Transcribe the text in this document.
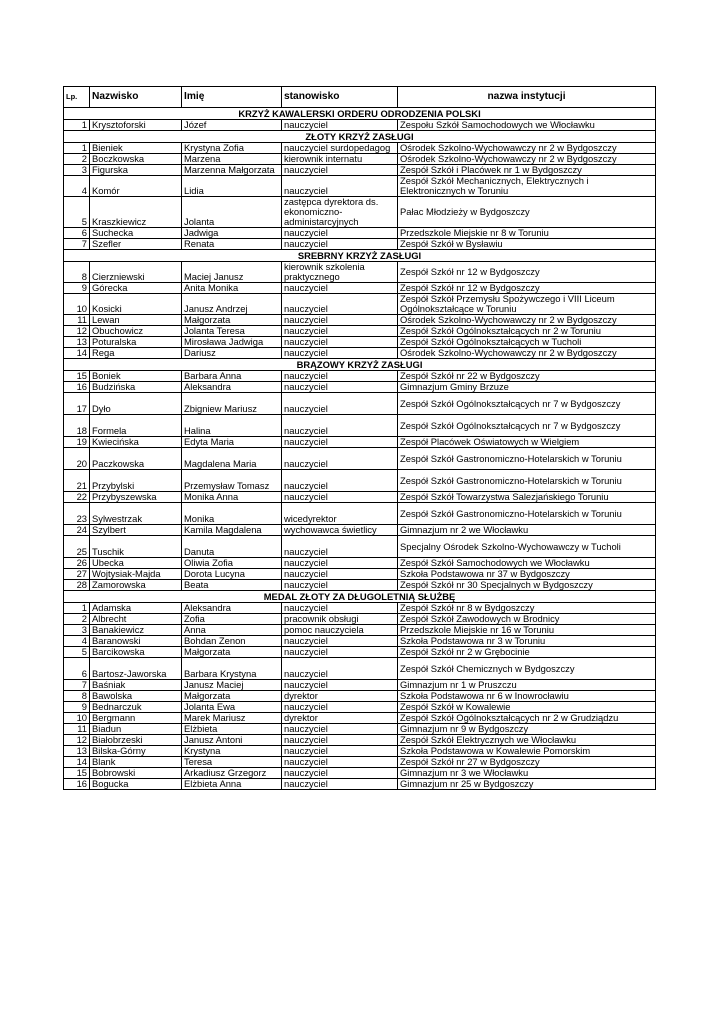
Lp.	Nazwisko	Imię	stanowisko	nazwa instytucji
KRZYŻ KAWALERSKI ORDERU ODRODZENIA POLSKI				
1	Krysztoforski	Józef	nauczyciel	Zespołu Szkół Samochodowych we Włocławku
ZŁOTY KRZYŻ ZASŁUGI				
1	Bieniek	Krystyna Zofia	nauczyciel surdopedagog	Ośrodek Szkolno-Wychowawczy nr 2 w Bydgoszczy
2	Boczkowska	Marzena	kierownik internatu	Ośrodek Szkolno-Wychowawczy nr 2 w Bydgoszczy
3	Figurska	Marzenna Małgorzata	nauczyciel	Zespół Szkół i Placówek nr 1 w Bydgoszczy
4	Komór	Lidia	nauczyciel	Zespół Szkół Mechanicznych, Elektrycznych i Elektronicznych w Toruniu
5	Kraszkiewicz	Jolanta	zastępca dyrektora ds. ekonomiczno-administarcyjnych	Pałac Młodzieży w Bydgoszczy
6	Suchecka	Jadwiga	nauczyciel	Przedszkole Miejskie nr 8 w Toruniu
7	Szefler	Renata	nauczyciel	Zespół Szkół w Bysławiu
SREBRNY KRZYŻ ZASŁUGI				
8	Cierzniewski	Maciej Janusz	kierownik szkolenia praktycznego	Zespół Szkół nr 12 w Bydgoszczy
9	Górecka	Anita Monika	nauczyciel	Zespół Szkół nr 12 w Bydgoszczy
10	Kosicki	Janusz Andrzej	nauczyciel	Zespół Szkół Przemysłu Spożywczego i VIII Liceum Ogólnokształcące w Toruniu
11	Lewan	Małgorzata	nauczyciel	Ośrodek Szkolno-Wychowawczy nr 2 w Bydgoszczy
12	Obuchowicz	Jolanta Teresa	nauczyciel	Zespół Szkół Ogólnokształcących nr 2 w Toruniu
13	Poturalska	Mirosława Jadwiga	nauczyciel	Zespół Szkół Ogólnokształcących w Tucholi
14	Rega	Dariusz	nauczyciel	Ośrodek Szkolno-Wychowawczy nr 2 w Bydgoszczy
BRĄZOWY KRZYŻ ZASŁUGI				
15	Boniek	Barbara Anna	nauczyciel	Zespół Szkół nr 22 w Bydgoszczy
16	Budzińska	Aleksandra	nauczyciel	Gimnazjum Gminy Brzuze
17	Dyło	Zbigniew Mariusz	nauczyciel	Zespół Szkół Ogólnokształcących nr 7 w Bydgoszczy
18	Formela	Halina	nauczyciel	Zespół Szkół Ogólnokształcących nr 7 w Bydgoszczy
19	Kwiecińska	Edyta Maria	nauczyciel	Zespół Placówek Oświatowych w Wielgiem
20	Paczkowska	Magdalena Maria	nauczyciel	Zespół Szkół Gastronomiczno-Hotelarskich w Toruniu
21	Przybylski	Przemysław Tomasz	nauczyciel	Zespół Szkół Gastronomiczno-Hotelarskich w Toruniu
22	Przybyszewska	Monika Anna	nauczyciel	Zespół Szkół Towarzystwa Salezjańskiego Toruniu
23	Sylwestrzak	Monika	wicedyrektor	Zespół Szkół Gastronomiczno-Hotelarskich w Toruniu
24	Szylbert	Kamila Magdalena	wychowawca świetlicy	Gimnazjum nr 2 we Włocławku
25	Tuschik	Danuta	nauczyciel	Specjalny Ośrodek Szkolno-Wychowawczy w Tucholi
26	Ubecka	Oliwia Zofia	nauczyciel	Zespół Szkół Samochodowych we Włocławku
27	Wojtysiak-Majda	Dorota Lucyna	nauczyciel	Szkoła Podstawowa nr 37 w Bydgoszczy
28	Zamorowska	Beata	nauczyciel	Zespół Szkół nr 30 Specjalnych w Bydgoszczy
MEDAL ZŁOTY ZA DŁUGOLETNIĄ SŁUŻBĘ				
1	Adamska	Aleksandra	nauczyciel	Zespół Szkół nr 8 w Bydgoszczy
2	Albrecht	Zofia	pracownik obsługi	Zespół Szkół Zawodowych w Brodnicy
3	Banakiewicz	Anna	pomoc nauczyciela	Przedszkole Miejskie nr 16 w Toruniu
4	Baranowski	Bohdan Zenon	nauczyciel	Szkoła Podstawowa nr 3 w Toruniu
5	Barcikowska	Małgorzata	nauczyciel	Zespół Szkół nr 2 w Grębocinie
6	Bartosz-Jaworska	Barbara Krystyna	nauczyciel	Zespół Szkół Chemicznych w Bydgoszczy
7	Baśniak	Janusz Maciej	nauczyciel	Gimnazjum nr 1 w Pruszczu
8	Bawolska	Małgorzata	dyrektor	Szkoła Podstawowa nr 6 w Inowrocławiu
9	Bednarczuk	Jolanta Ewa	nauczyciel	Zespół Szkół w Kowalewie
10	Bergmann	Marek Mariusz	dyrektor	Zespół Szkół Ogólnokształcących nr 2 w Grudziądzu
11	Biadun	Elżbieta	nauczyciel	Gimnazjum nr 9 w Bydgoszczy
12	Białobrzeski	Janusz Antoni	nauczyciel	Zespół Szkół Elektrycznych we Włocławku
13	Bilska-Górny	Krystyna	nauczyciel	Szkoła Podstawowa w Kowalewie Pomorskim
14	Blank	Teresa	nauczyciel	Zespół Szkół nr 27 w Bydgoszczy
15	Bobrowski	Arkadiusz Grzegorz	nauczyciel	Gimnazjum nr 3 we Włocławku
16	Bogucka	Elżbieta Anna	nauczyciel	Gimnazjum nr 25 w Bydgoszczy
